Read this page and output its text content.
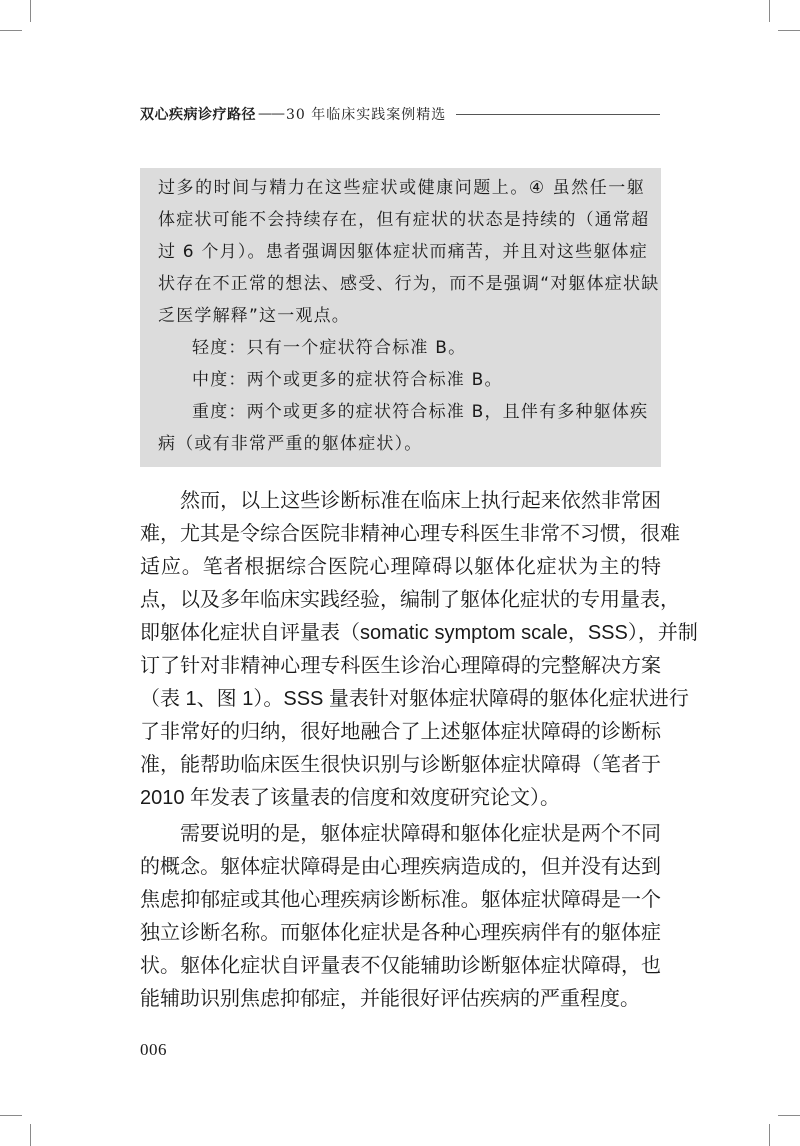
双心疾病诊疗路径 —— 30 年临床实践案例精选
过多的时间与精力在这些症状或健康问题上。④ 虽然任一躯
体症状可能不会持续存在，但有症状的状态是持续的（通常超
过 6 个月）。患者强调因躯体症状而痛苦，并且对这些躯体症
状存在不正常的想法、感受、行为，而不是强调“对躯体症状缺
乏医学解释”这一观点。
轻度：只有一个症状符合标准 B。
中度：两个或更多的症状符合标准 B。
重度：两个或更多的症状符合标准 B，且伴有多种躯体疾
病（或有非常严重的躯体症状）。
然而，以上这些诊断标准在临床上执行起来依然非常困
难，尤其是令综合医院非精神心理专科医生非常不习惯，很难
适应。笔者根据综合医院心理障碍以躯体化症状为主的特
点，以及多年临床实践经验，编制了躯体化症状的专用量表，
即躯体化症状自评量表（somatic symptom scale，SSS），并制
订了针对非精神心理专科医生诊治心理障碍的完整解决方案
（表 1、图 1）。SSS 量表针对躯体症状障碍的躯体化症状进行
了非常好的归纳，很好地融合了上述躯体症状障碍的诊断标
准，能帮助临床医生很快识别与诊断躯体症状障碍（笔者于
2010 年发表了该量表的信度和效度研究论文）。
需要说明的是，躯体症状障碍和躯体化症状是两个不同
的概念。躯体症状障碍是由心理疾病造成的，但并没有达到
焦虑抑郁症或其他心理疾病诊断标准。躯体症状障碍是一个
独立诊断名称。而躯体化症状是各种心理疾病伴有的躯体症
状。躯体化症状自评量表不仅能辅助诊断躯体症状障碍，也
能辅助识别焦虑抑郁症，并能很好评估疾病的严重程度。
006
